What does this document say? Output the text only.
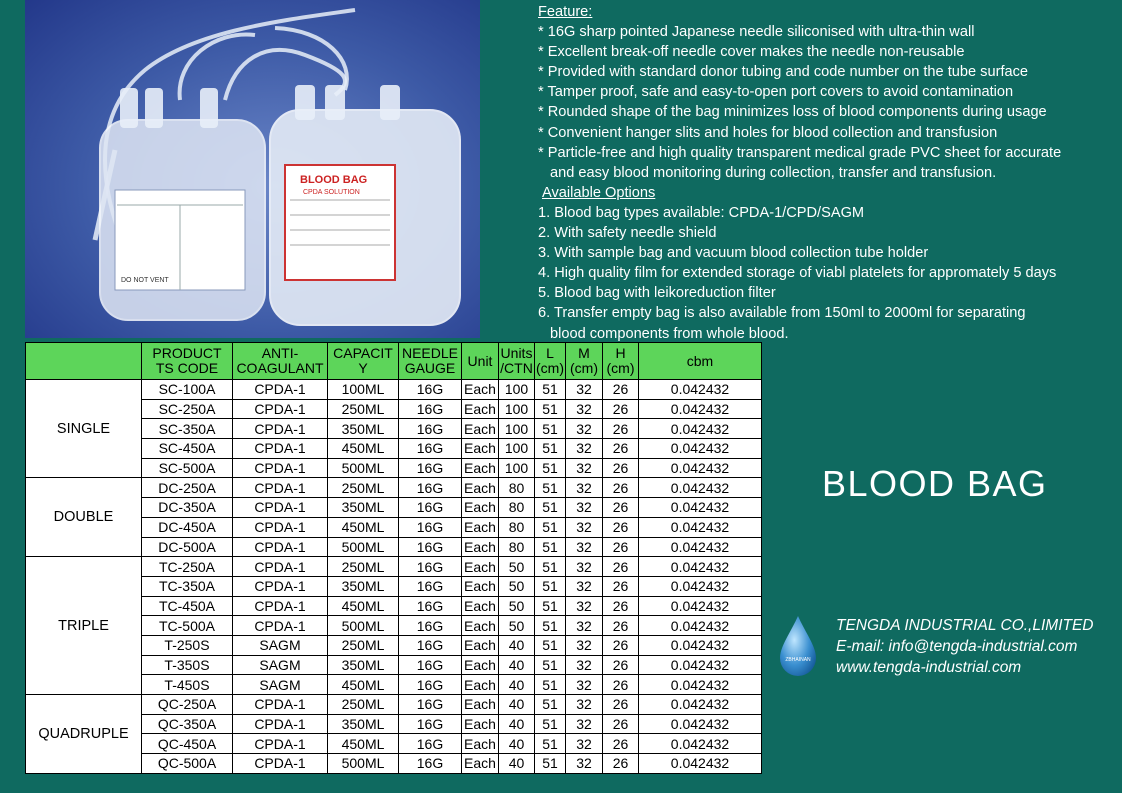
DO NOT VENT
BLOOD BAG
CPDA SOLUTION
Feature:
* 16G sharp pointed Japanese needle siliconised with ultra-thin wall
* Excellent break-off needle cover makes the needle non-reusable
* Provided with standard donor tubing and code number on the tube surface
* Tamper proof, safe and easy-to-open port covers to avoid contamination
* Rounded shape of the bag minimizes loss of blood components during usage
* Convenient hanger slits and holes for blood collection and transfusion
* Particle-free and high quality transparent medical grade PVC sheet for accurate
and easy blood monitoring during collection, transfer and transfusion.
Available Options
1. Blood bag types available: CPDA-1/CPD/SAGM
2. With safety needle shield
3. With sample bag and vacuum blood collection tube holder
4. High quality film for extended storage of viabl platelets for appromately 5 days
5. Blood bag with leikoreduction filter
6. Transfer empty bag is also available from 150ml to 2000ml for separating
blood components from whole blood.
	PRODUCT TS CODE	ANTI-COAGULANT	CAPACIT Y	NEEDLE GAUGE	Unit	Units /CTN	L (cm)	M (cm)	H (cm)	cbm
SINGLE	SC-100A	CPDA-1	100ML	16G	Each	100	51	32	26	0.042432
	SC-250A	CPDA-1	250ML	16G	Each	100	51	32	26	0.042432
	SC-350A	CPDA-1	350ML	16G	Each	100	51	32	26	0.042432
	SC-450A	CPDA-1	450ML	16G	Each	100	51	32	26	0.042432
	SC-500A	CPDA-1	500ML	16G	Each	100	51	32	26	0.042432
DOUBLE	DC-250A	CPDA-1	250ML	16G	Each	80	51	32	26	0.042432
	DC-350A	CPDA-1	350ML	16G	Each	80	51	32	26	0.042432
	DC-450A	CPDA-1	450ML	16G	Each	80	51	32	26	0.042432
	DC-500A	CPDA-1	500ML	16G	Each	80	51	32	26	0.042432
TRIPLE	TC-250A	CPDA-1	250ML	16G	Each	50	51	32	26	0.042432
	TC-350A	CPDA-1	350ML	16G	Each	50	51	32	26	0.042432
	TC-450A	CPDA-1	450ML	16G	Each	50	51	32	26	0.042432
	TC-500A	CPDA-1	500ML	16G	Each	50	51	32	26	0.042432
	T-250S	SAGM	250ML	16G	Each	40	51	32	26	0.042432
	T-350S	SAGM	350ML	16G	Each	40	51	32	26	0.042432
	T-450S	SAGM	450ML	16G	Each	40	51	32	26	0.042432
QUADRUPLE	QC-250A	CPDA-1	250ML	16G	Each	40	51	32	26	0.042432
	QC-350A	CPDA-1	350ML	16G	Each	40	51	32	26	0.042432
	QC-450A	CPDA-1	450ML	16G	Each	40	51	32	26	0.042432
	QC-500A	CPDA-1	500ML	16G	Each	40	51	32	26	0.042432
BLOOD BAG
ZBHAINAN
TENGDA INDUSTRIAL CO.,LIMITED
E-mail: info@tengda-industrial.com
www.tengda-industrial.com
